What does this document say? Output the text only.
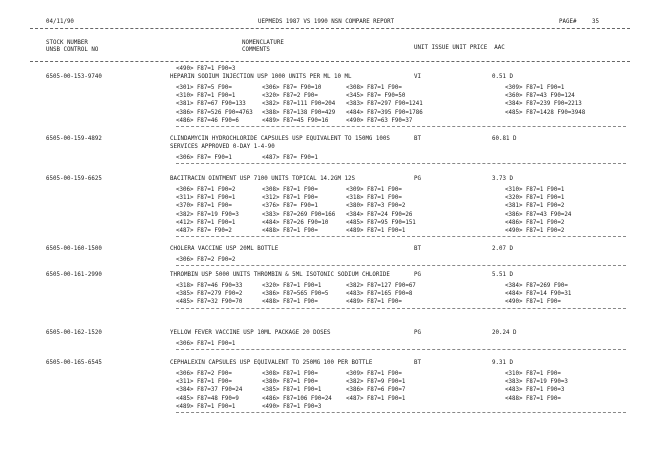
04/11/90	UEPMEDS 1987 VS 1990 NSN COMPARE REPORT	PAGE#	35
STOCK NUMBER
UNSB CONTROL NO
NOMENCLATURE
COMMENTS	UNIT ISSUE UNIT PRICE  AAC
<490> F87=1 F90=3
6505-00-153-9740	HEPARIN SODIUM INJECTION USP 1000 UNITS PER ML 10 ML	VI	0.51 D
<301> F87=5 F90=	<306> F87= F90=10	<308> F87=1 F90=	<309> F87=1 F90=1
<310> F87=1 F90=1	<320> F87=2 F90=	<345> F87= F90=50	<360> F87=43 F90=124
<381> F87=67 F90=133	<382> F87=111 F90=204 <383> F87=297 F90=1241	<384> F87=239 F90=2213
<386> F87=526 F90=4763 <388> F87=138 F90=429 <484> F87=395 F90=1786	<485> F87=1428 F90=3948
<486> F87=46 F90=6	<489> F87=45 F90=16	<490> F87=63 F90=37
6505-00-159-4892	CLINDAMYCIN HYDROCHLORIDE CAPSULES USP EQUIVALENT TO 150MG 100S	BT	60.81 D
SERVICES APPROVED 0-DAY 1-4-90
<306> F87= F90=1	<487> F87= F90=1
6505-00-159-6625	BACITRACIN OINTMENT USP 7100 UNITS TOPICAL 14.2GM 12S	PG	3.73 D
<306> F87=1 F90=2	<308> F87=1 F90=	<309> F87=1 F90=	<310> F87=1 F90=1
<311> F87=1 F90=1	<312> F87=1 F90=	<318> F87=1 F90=	<320> F87=1 F90=1
<370> F87=1 F90=	<376> F87= F90=1	<380> F87=3 F90=2	<381> F87=1 F90=2
<382> F87=19 F90=3	<383> F87=269 F90=166 <384> F87=24 F90=26	<386> F87=43 F90=24
<412> F87=1 F90=1	<484> F87=26 F90=10	<485> F87=95 F90=151	<486> F87=1 F90=2
<487> F87= F90=2	<488> F87=1 F90=	<489> F87=1 F90=1	<490> F87=1 F90=2
6505-00-160-1500	CHOLERA VACCINE USP 20ML BOTTLE	BT	2.07 D
<306> F87=2 F90=2
6505-00-161-2990	THROMBIN USP 5000 UNITS THROMBIN & 5ML ISOTONIC SODIUM CHLORIDE	PG	5.51 D
<318> F87=46 F90=33	<320> F87=1 F90=1	<382> F87=127 F90=67	<384> F87=269 F90=
<385> F87=279 F90=2	<386> F87=565 F90=5	<483> F87=165 F90=8	<484> F87=14 F90=31
<485> F87=32 F90=70	<488> F87=1 F90=	<489> F87=1 F90=	<490> F87=1 F90=
6505-00-162-1520	YELLOW FEVER VACCINE USP 10ML PACKAGE 20 DOSES	PG	20.24 D
<306> F87=1 F90=1
6505-00-165-6545	CEPHALEXIN CAPSULES USP EQUIVALENT TO 250MG 100 PER BOTTLE	BT	9.31 D
<306> F87=2 F90=	<308> F87=1 F90=	<309> F87=1 F90=	<310> F87=1 F90=
<311> F87=1 F90=	<380> F87=1 F90=	<382> F87=9 F90=1	<383> F87=19 F90=3
<384> F87=37 F90=24	<385> F87=1 F90=1	<386> F87=6 F90=7	<483> F87=1 F90=3
<485> F87=48 F90=9	<486> F87=106 F90=24 <487> F87=1 F90=1	<488> F87=1 F90=
<489> F87=1 F90=1	<490> F87=1 F90=3
